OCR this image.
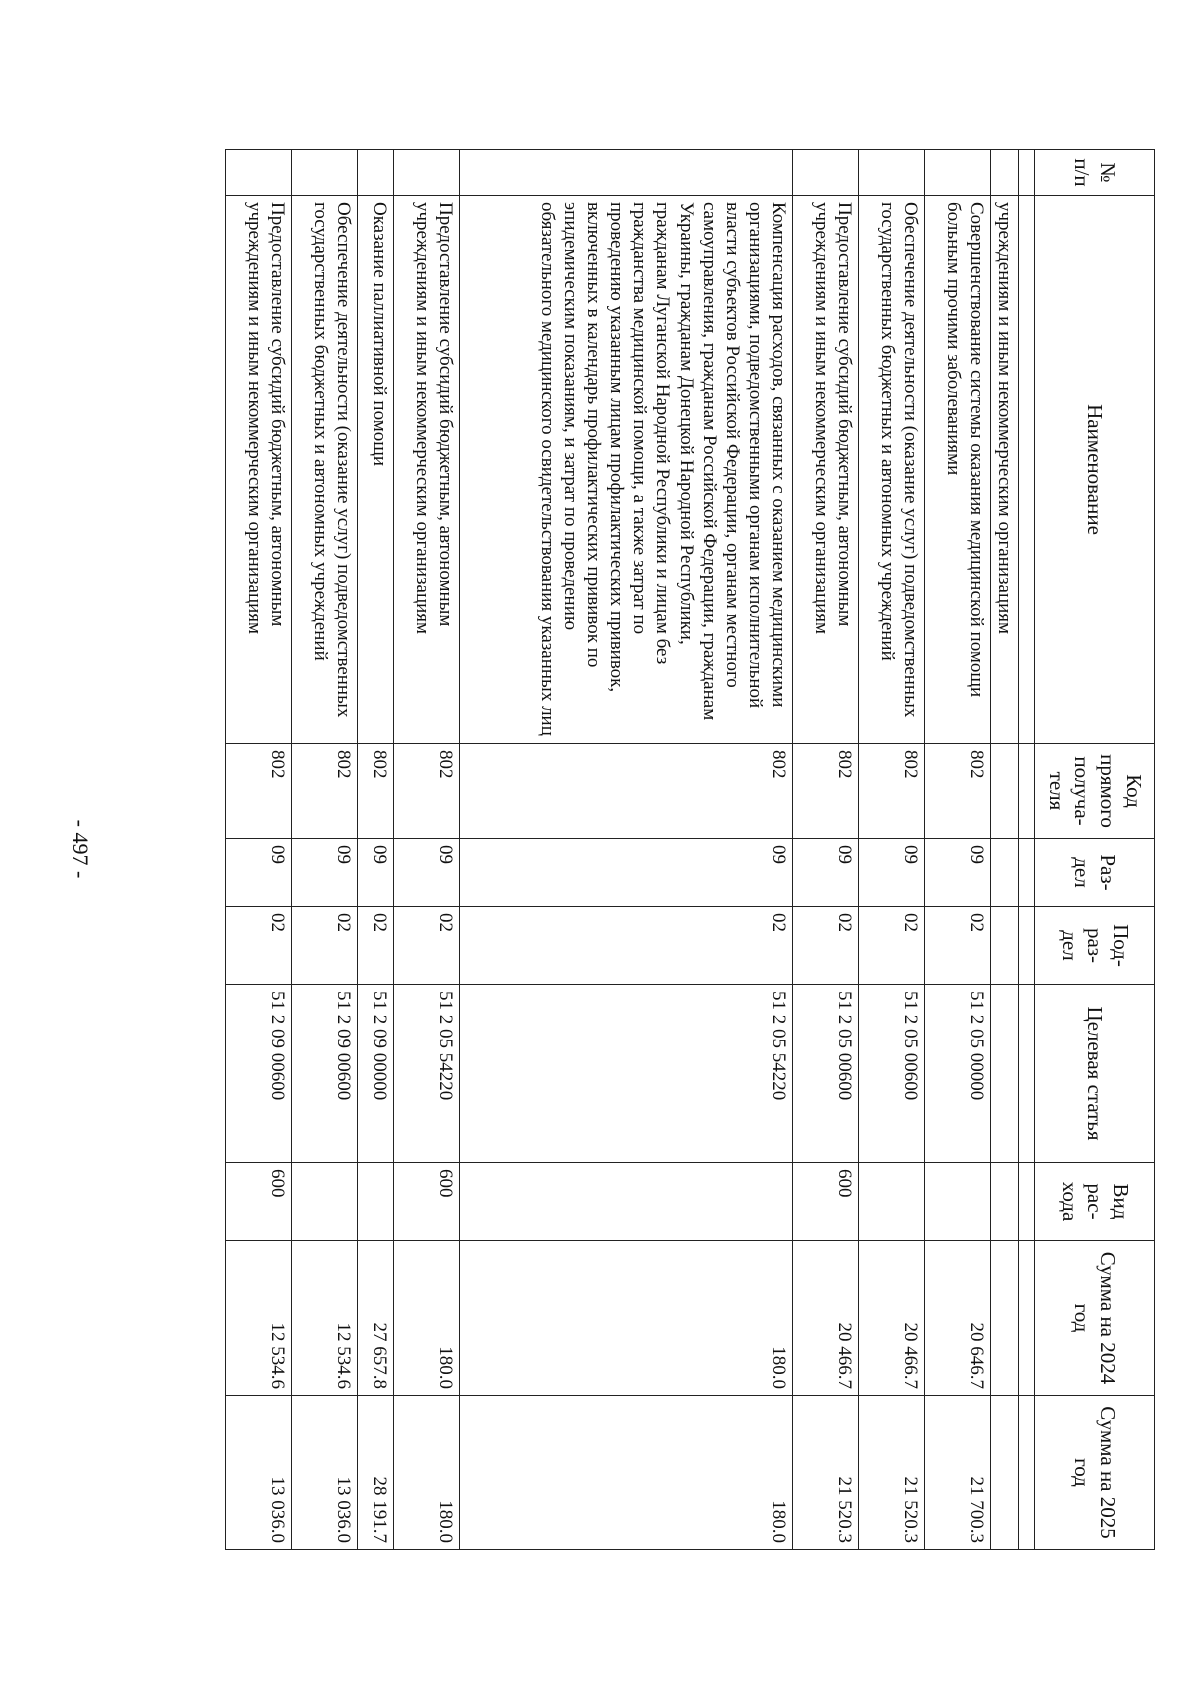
- 497 -
№ п/п	Наименование	Код прямого получа-теля	Раз-дел	Под-раз-дел	Целевая статья	Вид рас-хода	Сумма на 2024 год	Сумма на 2025 год

	учреждениям и иным некоммерческим организациям							
	Совершенствование системы оказания медицинской помощи больным прочими заболеваниями	802	09	02	51 2 05 00000		20 646.7	21 700.3
	Обеспечение деятельности (оказание услуг) подведомственных государственных бюджетных и автономных учреждений	802	09	02	51 2 05 00600		20 466.7	21 520.3
	Предоставление субсидий бюджетным, автономным учреждениям и иным некоммерческим организациям	802	09	02	51 2 05 00600	600	20 466.7	21 520.3
	Компенсация расходов, связанных с оказанием медицинскими организациями, подведомственными органам исполнительной власти субъектов Российской Федерации, органам местного самоуправления, гражданам Российской Федерации, гражданам Украины, гражданам Донецкой Народной Республики, гражданам Луганской Народной Республики и лицам без гражданства медицинской помощи, а также затрат по проведению указанным лицам профилактических прививок, включенных в календарь профилактических прививок по эпидемическим показаниям, и затрат по проведению обязательного медицинского освидетельствования указанных лиц	802	09	02	51 2 05 54220		180.0	180.0
	Предоставление субсидий бюджетным, автономным учреждениям и иным некоммерческим организациям	802	09	02	51 2 05 54220	600	180.0	180.0
	Оказание паллиативной помощи	802	09	02	51 2 09 00000		27 657.8	28 191.7
	Обеспечение деятельности (оказание услуг) подведомственных государственных бюджетных и автономных учреждений	802	09	02	51 2 09 00600		12 534.6	13 036.0
	Предоставление субсидий бюджетным, автономным учреждениям и иным некоммерческим организациям	802	09	02	51 2 09 00600	600	12 534.6	13 036.0
